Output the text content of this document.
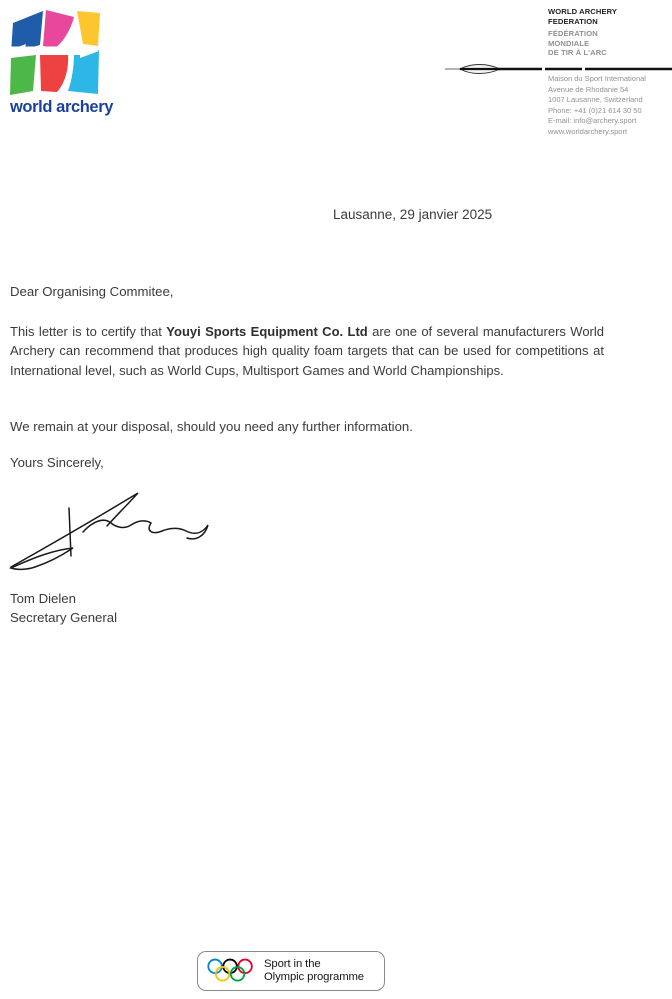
world archery
WORLD ARCHERY
FEDERATION
FÉDÉRATION
MONDIALE
DE TIR À L'ARC
Maison du Sport International
Avenue de Rhodanie 54
1007 Lausanne, Switzerland
Phone: +41 (0)21 614 30 50
E-mail: info@archery.sport
www.worldarchery.sport
Lausanne, 29 janvier 2025
Dear Organising Commitee,

This letter is to certify that Youyi Sports Equipment Co. Ltd are one of several manufacturers World Archery can recommend that produces high quality foam targets that can be used for competitions at International level, such as World Cups, Multisport Games and World Championships.

We remain at your disposal, should you need any further information.

Yours Sincerely,
Tom Dielen
Secretary General
Sport in the
Olympic programme
